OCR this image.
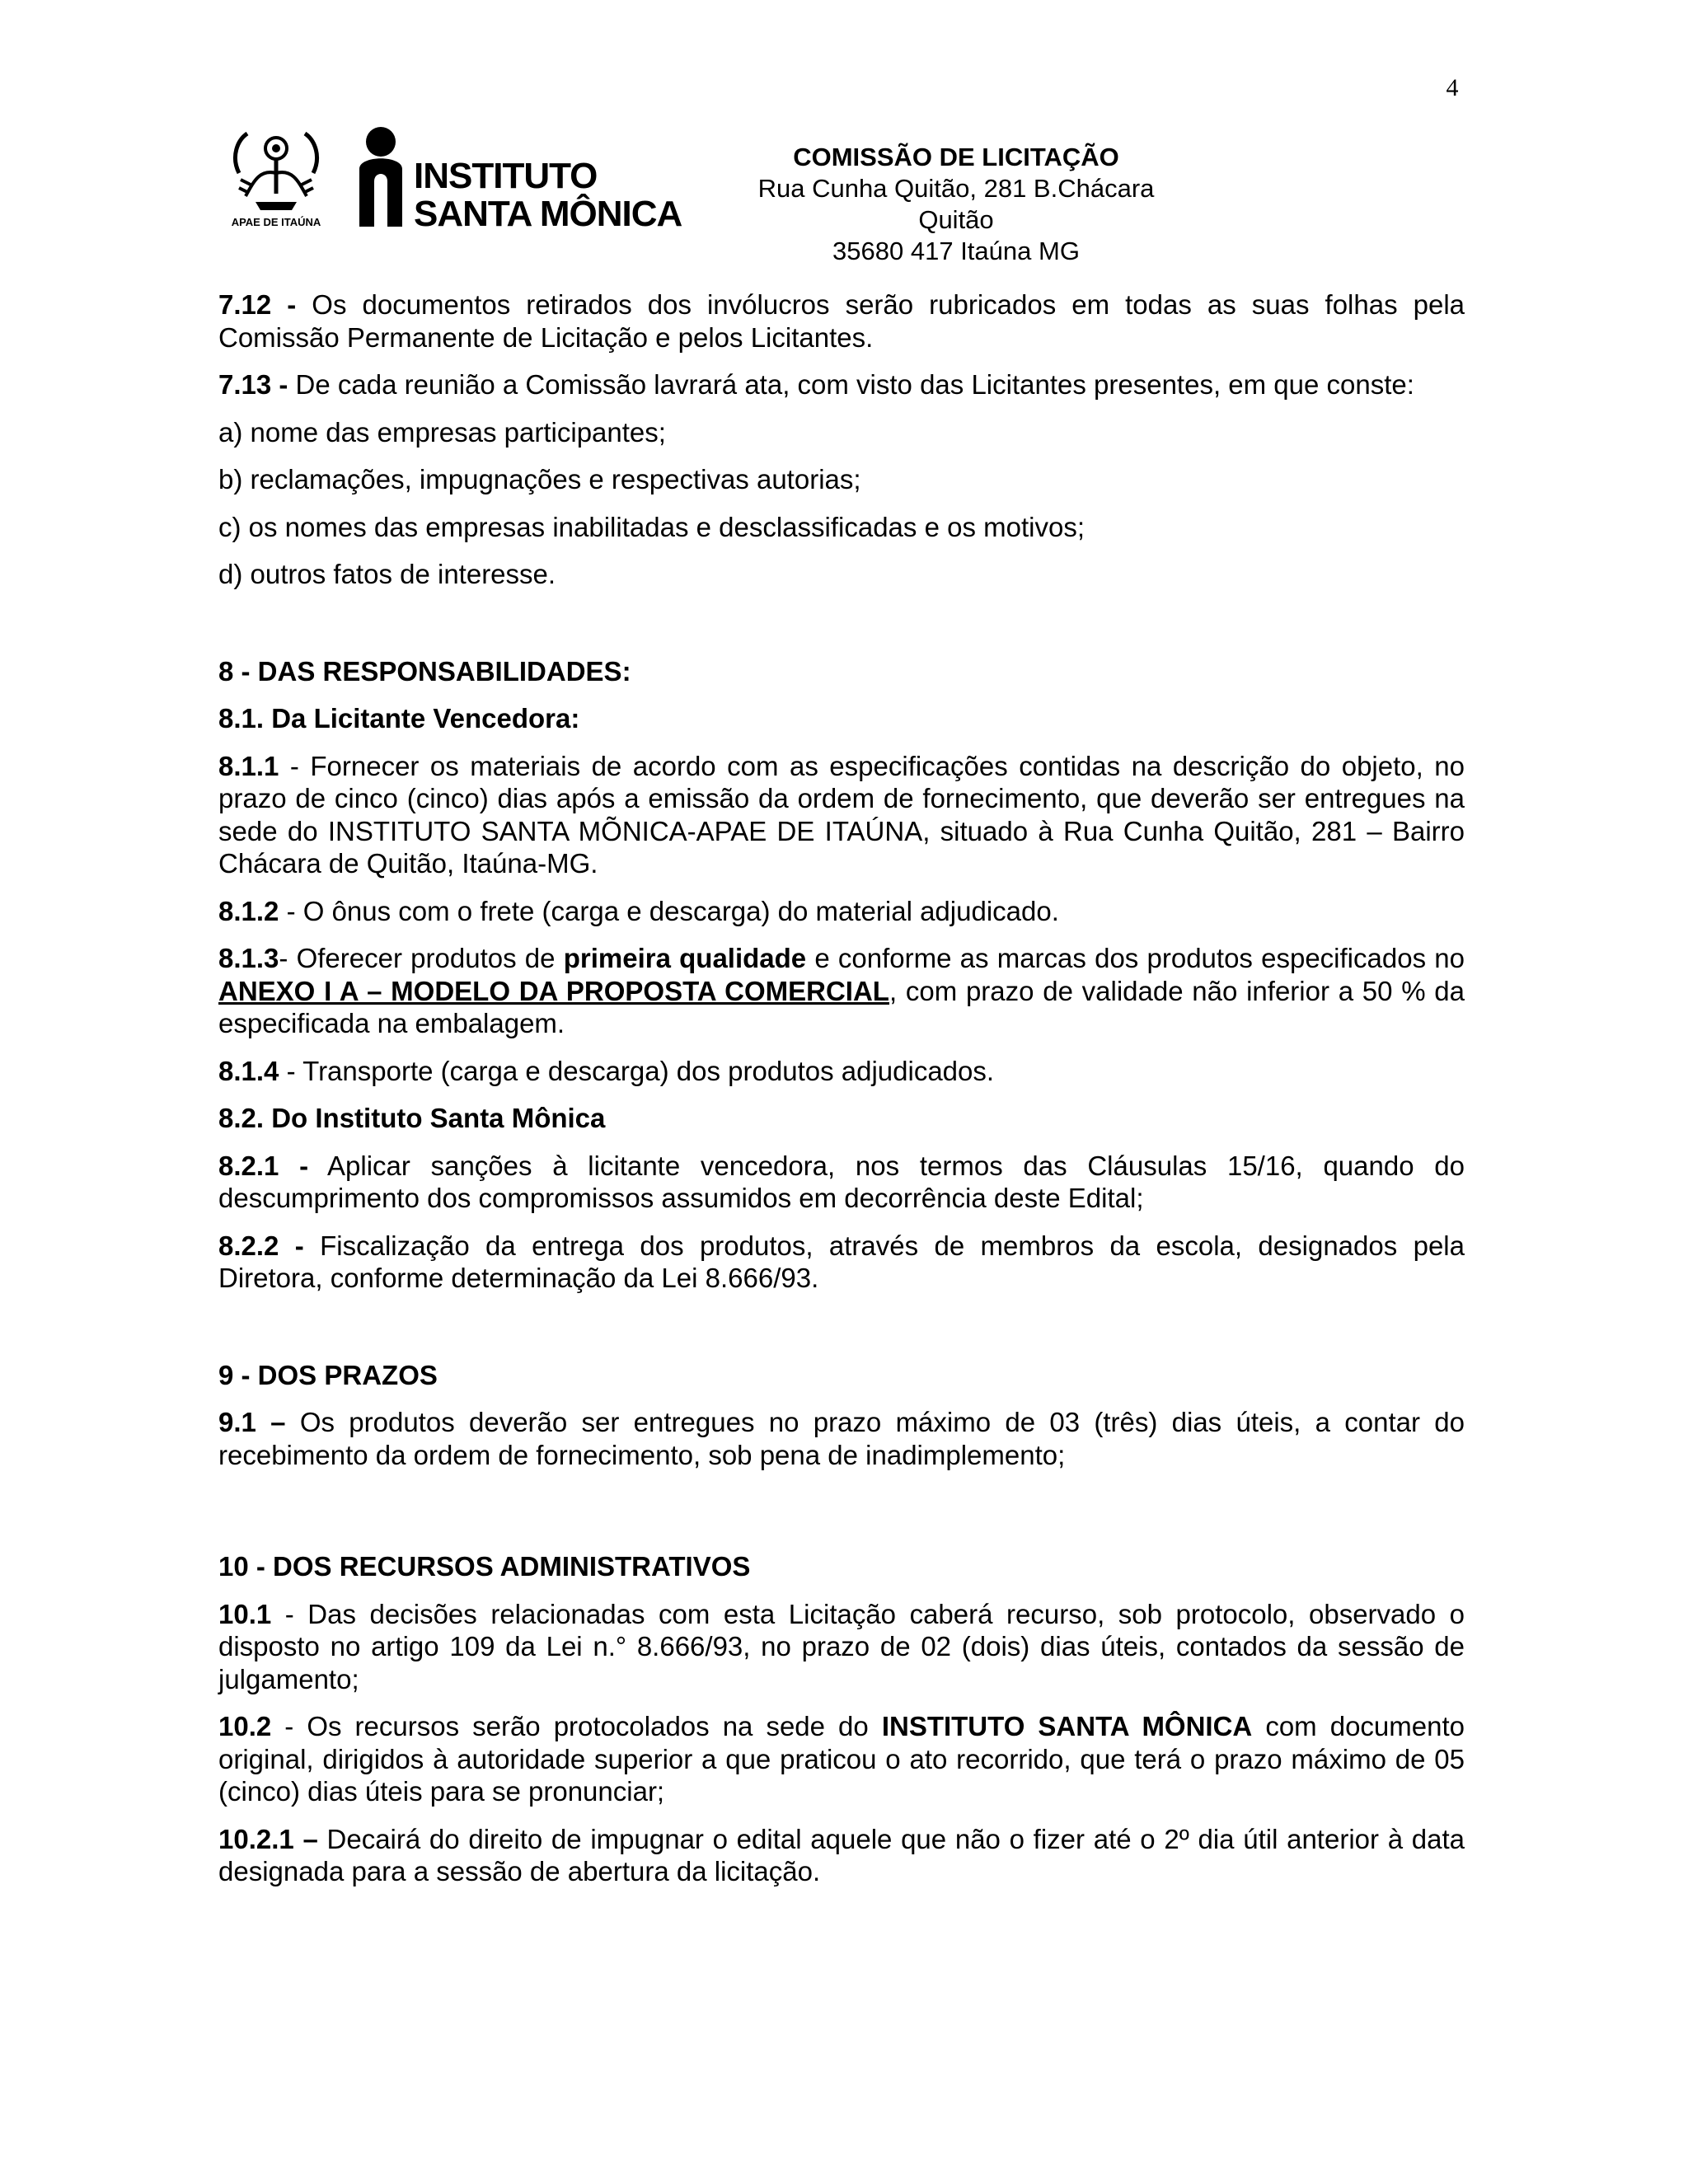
4
APAE DE ITAÚNA
INSTITUTO
SANTA MÔNICA
COMISSÃO DE LICITAÇÃO
Rua Cunha Quitão, 281 B.Chácara Quitão
35680 417 Itaúna MG

7.12 - Os documentos retirados dos invólucros serão rubricados em todas as suas folhas pela Comissão Permanente de Licitação e pelos Licitantes.

7.13 - De cada reunião a Comissão lavrará ata, com visto das Licitantes presentes, em que conste:

a) nome das empresas participantes;

b) reclamações, impugnações e respectivas autorias;

c) os nomes das empresas inabilitadas e desclassificadas e os motivos;

d) outros fatos de interesse.

8 - DAS RESPONSABILIDADES:

8.1. Da Licitante Vencedora:

8.1.1 - Fornecer os materiais de acordo com as especificações contidas na descrição do objeto, no prazo de cinco (cinco) dias após a emissão da ordem de fornecimento, que deverão ser entregues na sede do INSTITUTO SANTA MÕNICA-APAE DE ITAÚNA, situado à Rua Cunha Quitão, 281 – Bairro Chácara de Quitão, Itaúna-MG.

8.1.2 - O ônus com o frete (carga e descarga) do material adjudicado.

8.1.3- Oferecer produtos de primeira qualidade e conforme as marcas dos produtos especificados no ANEXO I A – MODELO DA PROPOSTA COMERCIAL, com prazo de validade não inferior a 50 % da especificada na embalagem.

8.1.4 - Transporte (carga e descarga) dos produtos adjudicados.

8.2. Do Instituto Santa Mônica

8.2.1 - Aplicar sanções à licitante vencedora, nos termos das Cláusulas 15/16, quando do descumprimento dos compromissos assumidos em decorrência deste Edital;

8.2.2 - Fiscalização da entrega dos produtos, através de membros da escola, designados pela Diretora, conforme determinação da Lei 8.666/93.

9 - DOS PRAZOS

9.1 – Os produtos deverão ser entregues no prazo máximo de 03 (três) dias úteis, a contar do recebimento da ordem de fornecimento, sob pena de inadimplemento;

10 - DOS RECURSOS ADMINISTRATIVOS

10.1 - Das decisões relacionadas com esta Licitação caberá recurso, sob protocolo, observado o disposto no artigo 109 da Lei n.° 8.666/93, no prazo de 02 (dois) dias úteis, contados da sessão de julgamento;

10.2 - Os recursos serão protocolados na sede do INSTITUTO SANTA MÔNICA com documento original, dirigidos à autoridade superior a que praticou o ato recorrido, que terá o prazo máximo de 05 (cinco) dias úteis para se pronunciar;

10.2.1 – Decairá do direito de impugnar o edital aquele que não o fizer até o 2º dia útil anterior à data designada para a sessão de abertura da licitação.
